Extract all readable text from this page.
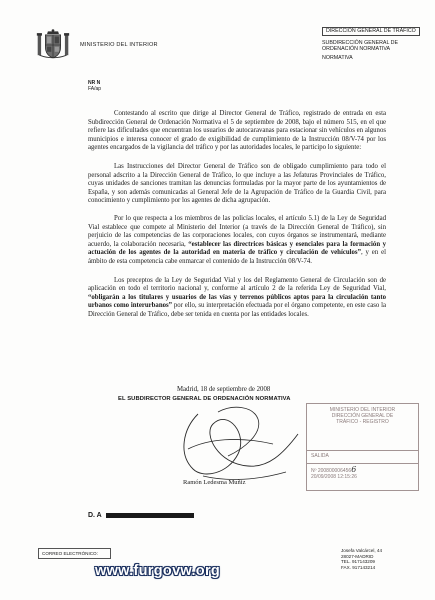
MINISTERIO DEL INTERIOR
DIRECCIÓN GENERAL DE TRÁFICO
SUBDIRECCIÓN GENERAL DE
ORDENACIÓN NORMATIVA
NORMATIVA
NR N
FA/ap

Contestando al escrito que dirige al Director General de Tráfico, registrado de entrada en esta Subdirección General de Ordenación Normativa el 5 de septiembre de 2008, bajo el número 515, en el que refiere las dificultades que encuentran los usuarios de autocaravanas para estacionar sin vehículos en algunos municipios e interesa conocer el grado de exigibilidad de cumplimiento de la Instrucción 08/V-74 por los agentes encargados de la vigilancia del tráfico y por las autoridades locales, le participo lo siguiente:

Las Instrucciones del Director General de Tráfico son de obligado cumplimiento para todo el personal adscrito a la Dirección General de Tráfico, lo que incluye a las Jefaturas Provinciales de Tráfico, cuyas unidades de sanciones tramitan las denuncias formuladas por la mayor parte de los ayuntamientos de España, y son además comunicadas al General Jefe de la Agrupación de Tráfico de la Guardia Civil, para conocimiento y cumplimiento por los agentes de dicha agrupación.

Por lo que respecta a los miembros de las policías locales, el artículo 5.1) de la Ley de Seguridad Vial establece que compete al Ministerio del Interior (a través de la Dirección General de Tráfico), sin perjuicio de las competencias de las corporaciones locales, con cuyos órganos se instrumentará, mediante acuerdo, la colaboración necesaria, “establecer las directrices básicas y esenciales para la formación y actuación de los agentes de la autoridad en materia de tráfico y circulación de vehículos”, y en el ámbito de esta competencia cabe enmarcar el contenido de la Instrucción 08/V-74.

Los preceptos de la Ley de Seguridad Vial y los del Reglamento General de Circulación son de aplicación en todo el territorio nacional y, conforme al artículo 2 de la referida Ley de Seguridad Vial, “obligarán a los titulares y usuarios de las vías y terrenos públicos aptos para la circulación tanto urbanos como interurbanos” por ello, su interpretación efectuada por el órgano competente, en este caso la Dirección General de Tráfico, debe ser tenida en cuenta por las entidades locales.

Madrid, 18 de septiembre de 2008
EL SUBDIRECTOR GENERAL DE ORDENACIÓN NORMATIVA
Ramón Ledesma Muñiz
MINISTERIO DEL INTERIOR
DIRECCIÓN GENERAL DE
TRÁFICO - REGISTRO
SALIDA
Nº 2008000064566
20/09/2008 12:15:26
D. A
CORREO ELECTRÓNICO:
Josefa Valcárcel, 44
28027-MADRID
TEL. 917143209
FAX. 917143214
www.furgovw.org
